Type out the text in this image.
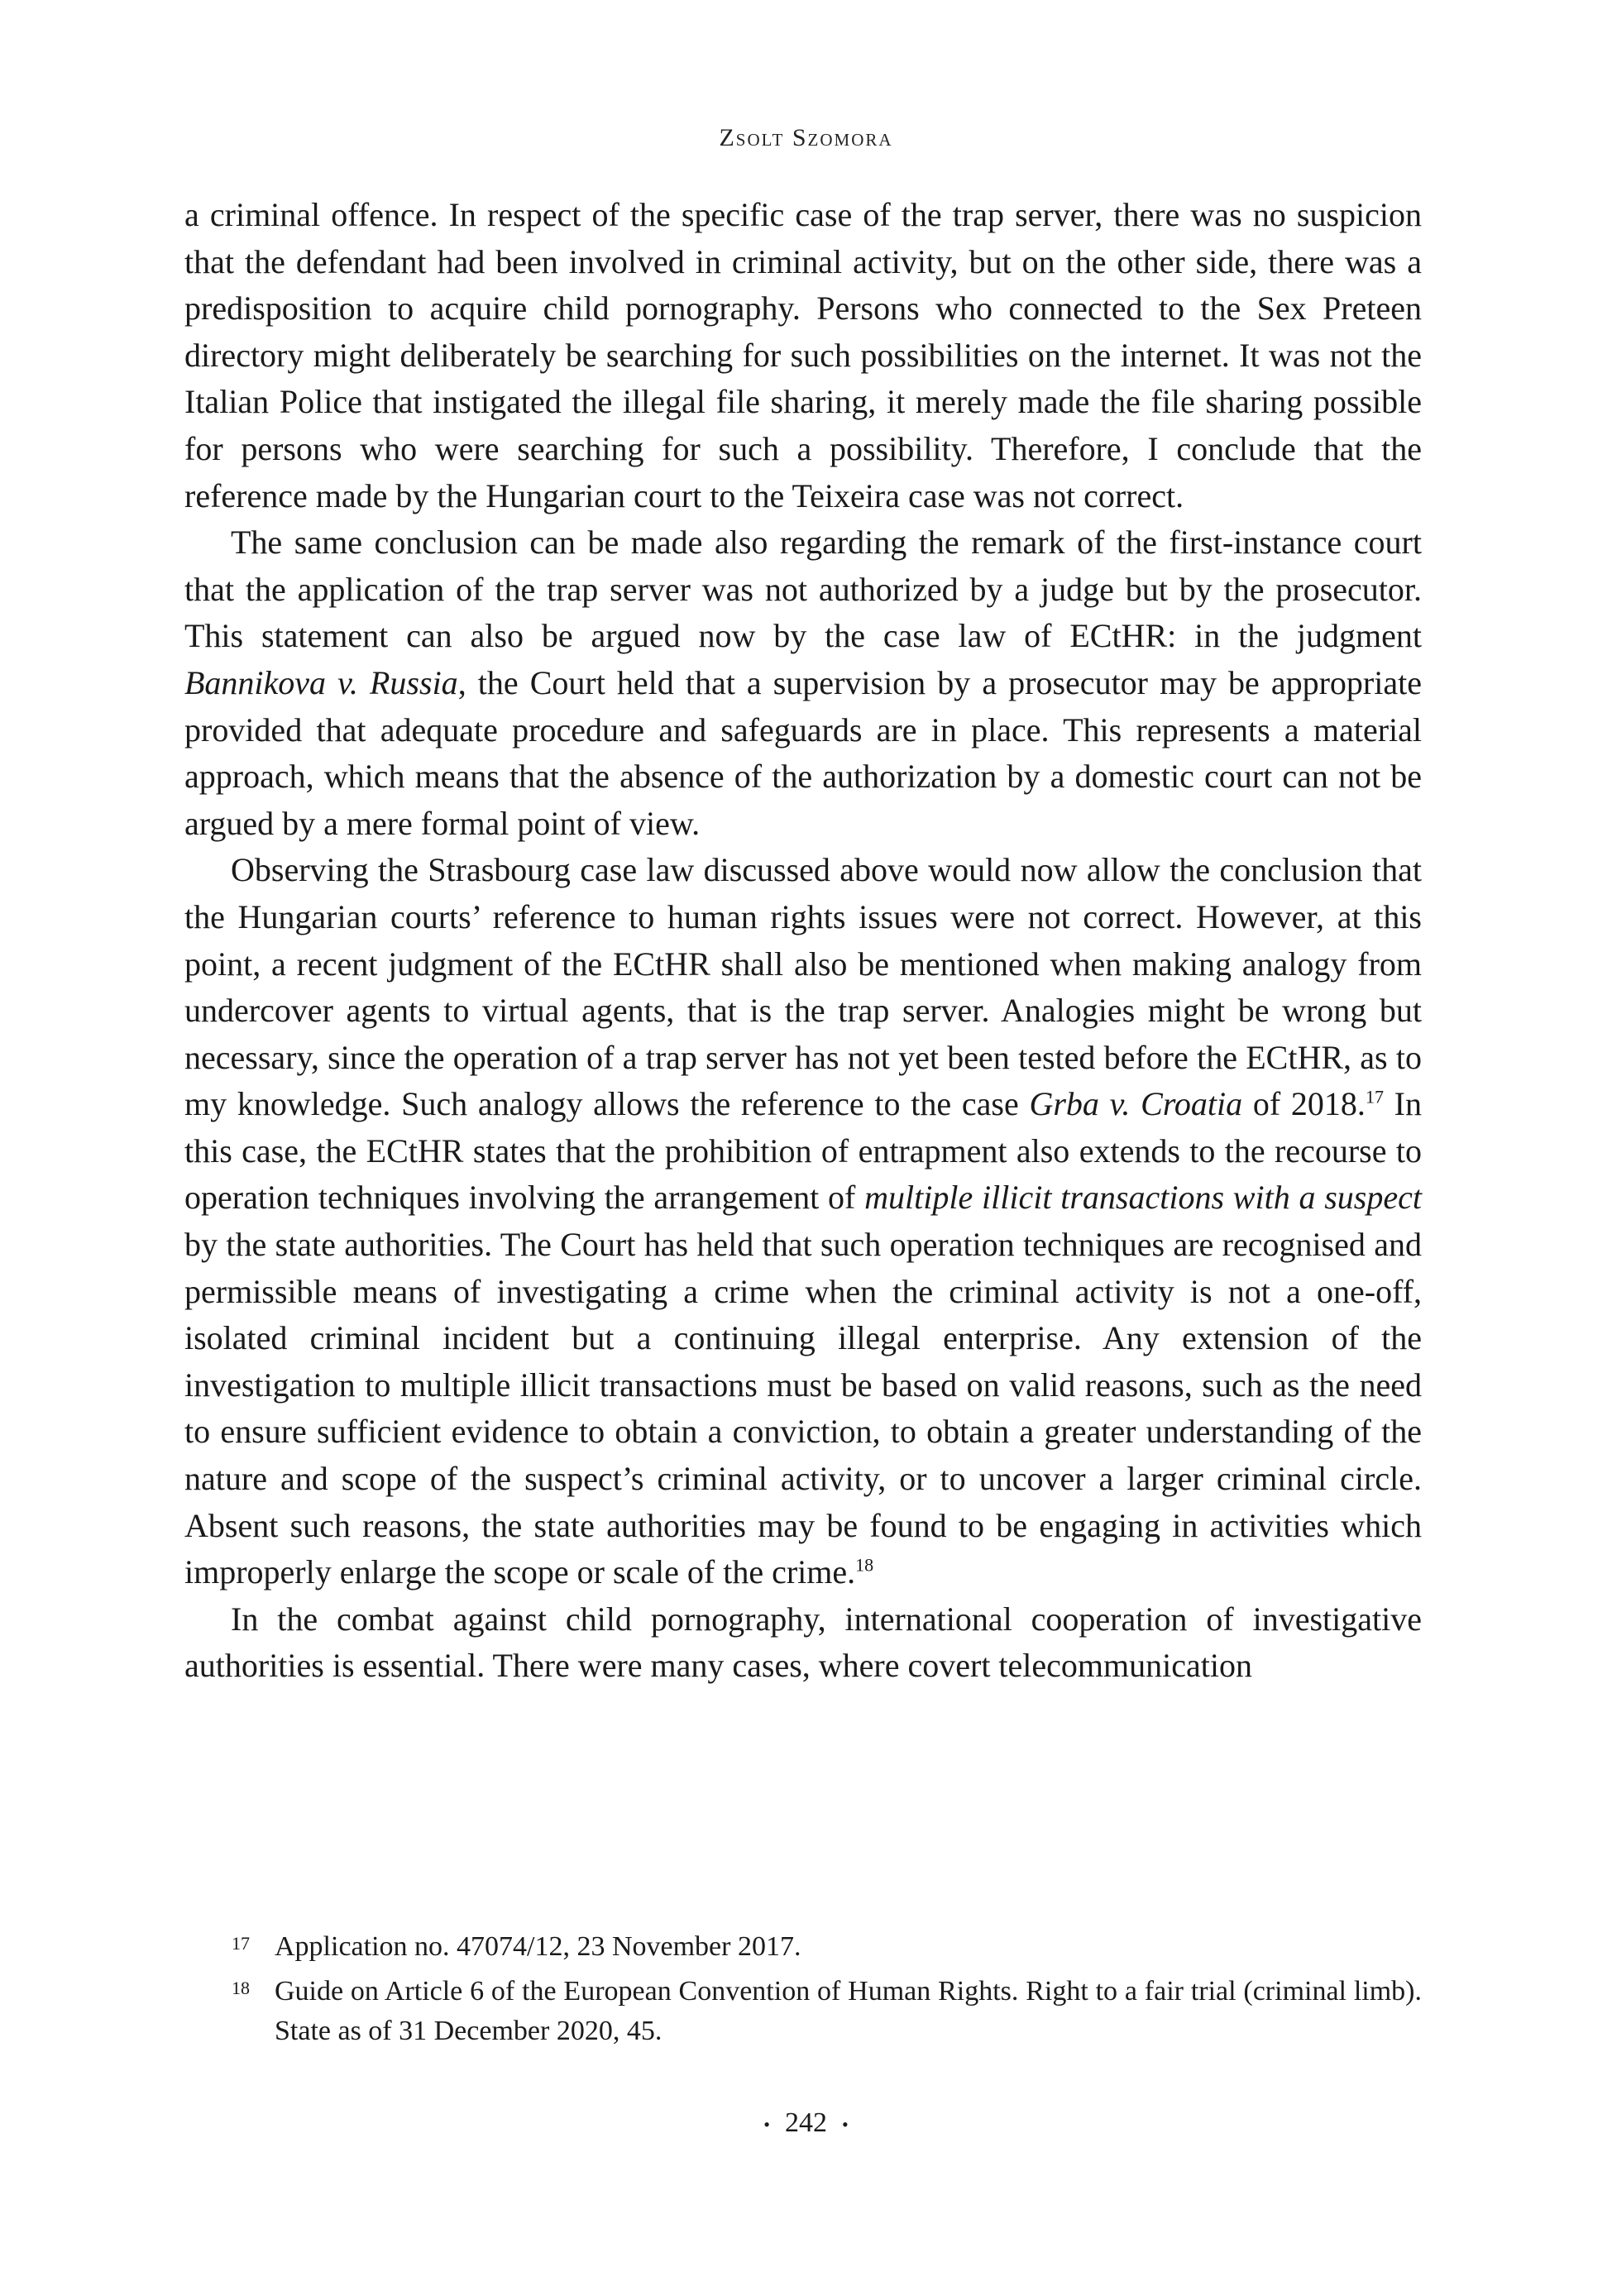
Zsolt Szomora

a criminal offence. In respect of the specific case of the trap server, there was no suspicion that the defendant had been involved in criminal activity, but on the other side, there was a predisposition to acquire child pornography. Persons who connected to the Sex Preteen directory might deliberately be searching for such possibilities on the internet. It was not the Italian Police that instigated the illegal file sharing, it merely made the file sharing possible for persons who were searching for such a possibility. Therefore, I conclude that the reference made by the Hungarian court to the Teixeira case was not correct.

The same conclusion can be made also regarding the remark of the first-instance court that the application of the trap server was not authorized by a judge but by the prosecutor. This statement can also be argued now by the case law of ECtHR: in the judgment Bannikova v. Russia, the Court held that a supervision by a prosecutor may be appropriate provided that adequate procedure and safeguards are in place. This represents a material approach, which means that the absence of the authorization by a domestic court can not be argued by a mere formal point of view.

Observing the Strasbourg case law discussed above would now allow the conclusion that the Hungarian courts’ reference to human rights issues were not correct. However, at this point, a recent judgment of the ECtHR shall also be mentioned when making analogy from undercover agents to virtual agents, that is the trap server. Analogies might be wrong but necessary, since the operation of a trap server has not yet been tested before the ECtHR, as to my knowledge. Such analogy allows the reference to the case Grba v. Croatia of 2018.17 In this case, the ECtHR states that the prohibition of entrapment also extends to the recourse to operation techniques involving the arrangement of multiple illicit transactions with a suspect by the state authorities. The Court has held that such operation techniques are recognised and permissible means of investigating a crime when the criminal activity is not a one-off, isolated criminal incident but a continuing illegal enterprise. Any extension of the investigation to multiple illicit transactions must be based on valid reasons, such as the need to ensure sufficient evidence to obtain a conviction, to obtain a greater understanding of the nature and scope of the suspect’s criminal activity, or to uncover a larger criminal circle. Absent such reasons, the state authorities may be found to be engaging in activities which improperly enlarge the scope or scale of the crime.$^{18}$

In the combat against child pornography, international cooperation of investigative authorities is essential. There were many cases, where covert telecommunication

17 Application no. 47074/12, 23 November 2017.
18 Guide on Article 6 of the European Convention of Human Rights. Right to a fair trial (criminal limb). State as of 31 December 2020, 45.
• 242 •
